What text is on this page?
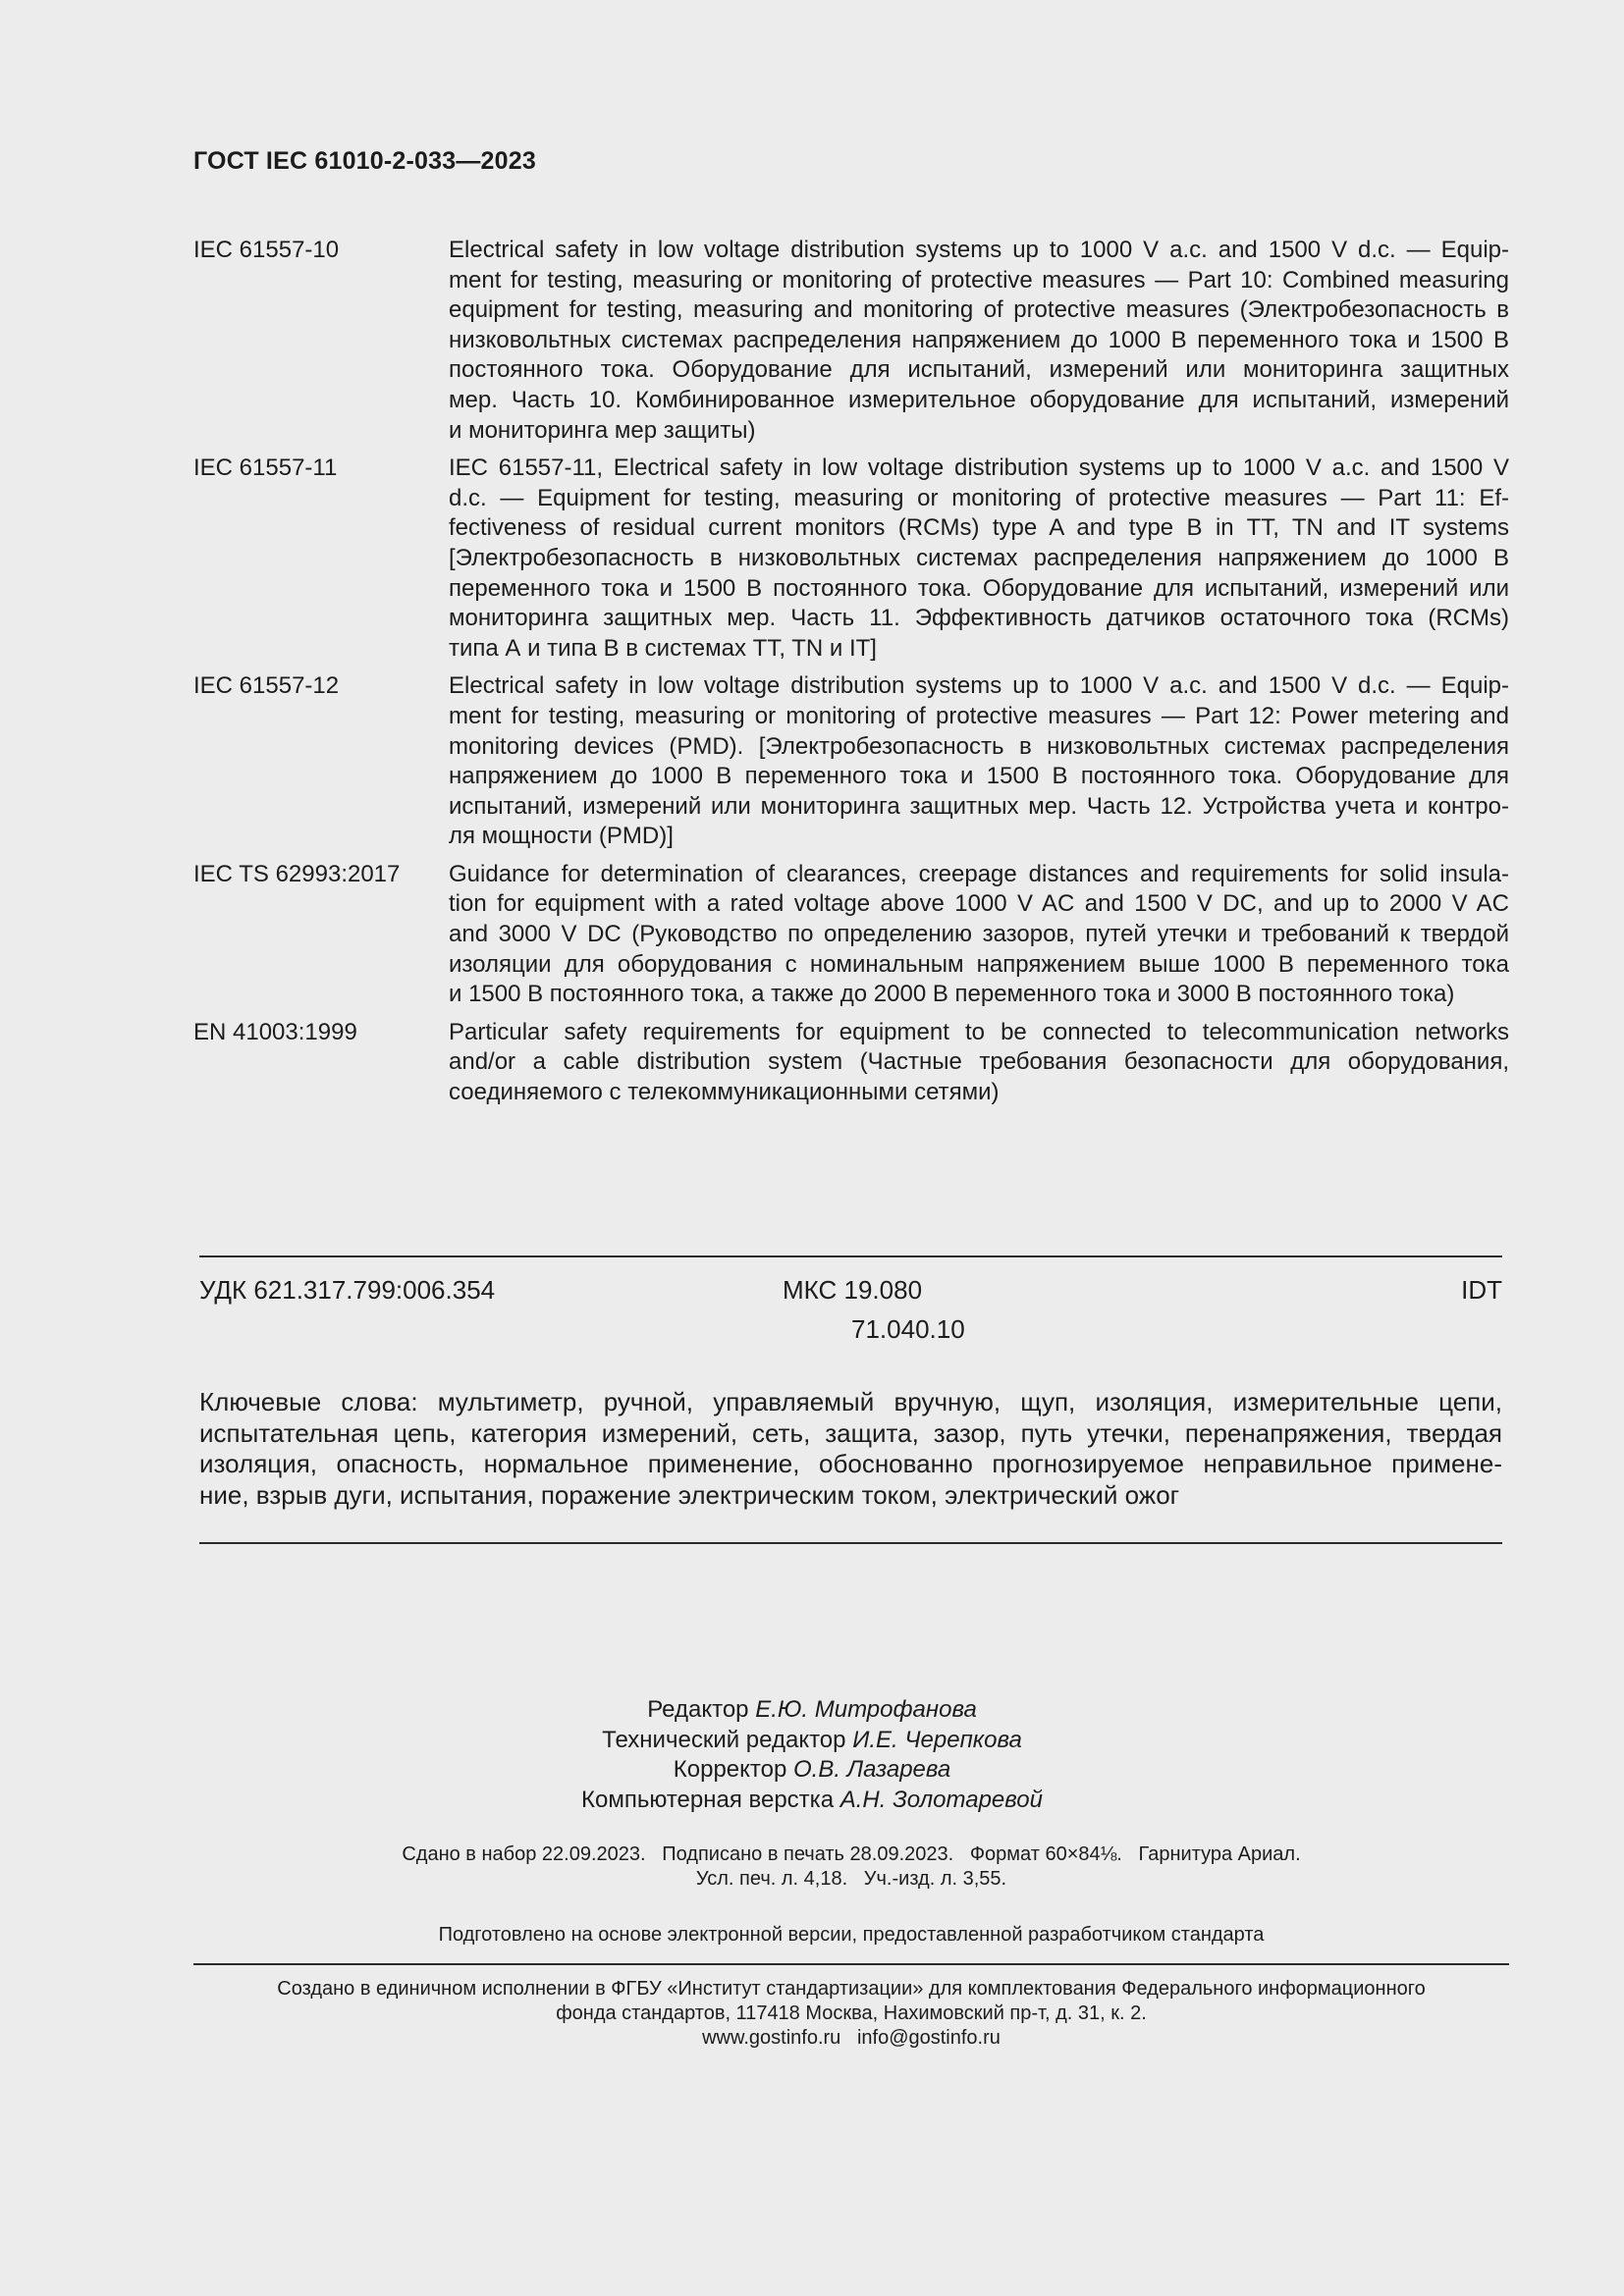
ГОСТ IEC 61010-2-033—2023
IEC 61557-10	Electrical safety in low voltage distribution systems up to 1000 V a.c. and 1500 V d.c. — Equip-
ment for testing, measuring or monitoring of protective measures — Part 10: Combined measuring
equipment for testing, measuring and monitoring of protective measures (Электробезопасность в
низковольтных системах распределения напряжением до 1000 В переменного тока и 1500 В
постоянного тока. Оборудование для испытаний, измерений или мониторинга защитных
мер. Часть 10. Комбинированное измерительное оборудование для испытаний, измерений
и мониторинга мер защиты)
IEC 61557-11	IEC 61557-11, Electrical safety in low voltage distribution systems up to 1000 V a.c. and 1500 V
d.c. — Equipment for testing, measuring or monitoring of protective measures — Part 11: Ef-
fectiveness of residual current monitors (RCMs) type A and type B in TT, TN and IT systems
[Электробезопасность в низковольтных системах распределения напряжением до 1000 В
переменного тока и 1500 В постоянного тока. Оборудование для испытаний, измерений или
мониторинга защитных мер. Часть 11. Эффективность датчиков остаточного тока (RCMs)
типа А и типа В в системах TT, TN и IT]
IEC 61557-12	Electrical safety in low voltage distribution systems up to 1000 V a.c. and 1500 V d.c. — Equip-
ment for testing, measuring or monitoring of protective measures — Part 12: Power metering and
monitoring devices (PMD). [Электробезопасность в низковольтных системах распределения
напряжением до 1000 В переменного тока и 1500 В постоянного тока. Оборудование для
испытаний, измерений или мониторинга защитных мер. Часть 12. Устройства учета и контро-
ля мощности (PMD)]
IEC TS 62993:2017	Guidance for determination of clearances, creepage distances and requirements for solid insula-
tion for equipment with a rated voltage above 1000 V AC and 1500 V DC, and up to 2000 V AC
and 3000 V DC (Руководство по определению зазоров, путей утечки и требований к твердой
изоляции для оборудования с номинальным напряжением выше 1000 В переменного тока
и 1500 В постоянного тока, а также до 2000 В переменного тока и 3000 В постоянного тока)
EN 41003:1999	Particular safety requirements for equipment to be connected to telecommunication networks
and/or a cable distribution system (Частные требования безопасности для оборудования,
соединяемого с телекоммуникационными сетями)
УДК 621.317.799:006.354	МКС 19.080
71.040.10
IDT
Ключевые слова: мультиметр, ручной, управляемый вручную, щуп, изоляция, измерительные цепи,
испытательная цепь, категория измерений, сеть, защита, зазор, путь утечки, перенапряжения, твердая
изоляция, опасность, нормальное применение, обоснованно прогнозируемое неправильное примене-
ние, взрыв дуги, испытания, поражение электрическим током, электрический ожог
Редактор Е.Ю. Митрофанова
Технический редактор И.Е. Черепкова
Корректор О.В. Лазарева
Компьютерная верстка А.Н. Золотаревой
Сдано в набор 22.09.2023.   Подписано в печать 28.09.2023.   Формат 60×84⅛.   Гарнитура Ариал.
Усл. печ. л. 4,18.   Уч.-изд. л. 3,55.
Подготовлено на основе электронной версии, предоставленной разработчиком стандарта
Создано в единичном исполнении в ФГБУ «Институт стандартизации» для комплектования Федерального информационного
фонда стандартов, 117418 Москва, Нахимовский пр-т, д. 31, к. 2.
www.gostinfo.ru   info@gostinfo.ru
